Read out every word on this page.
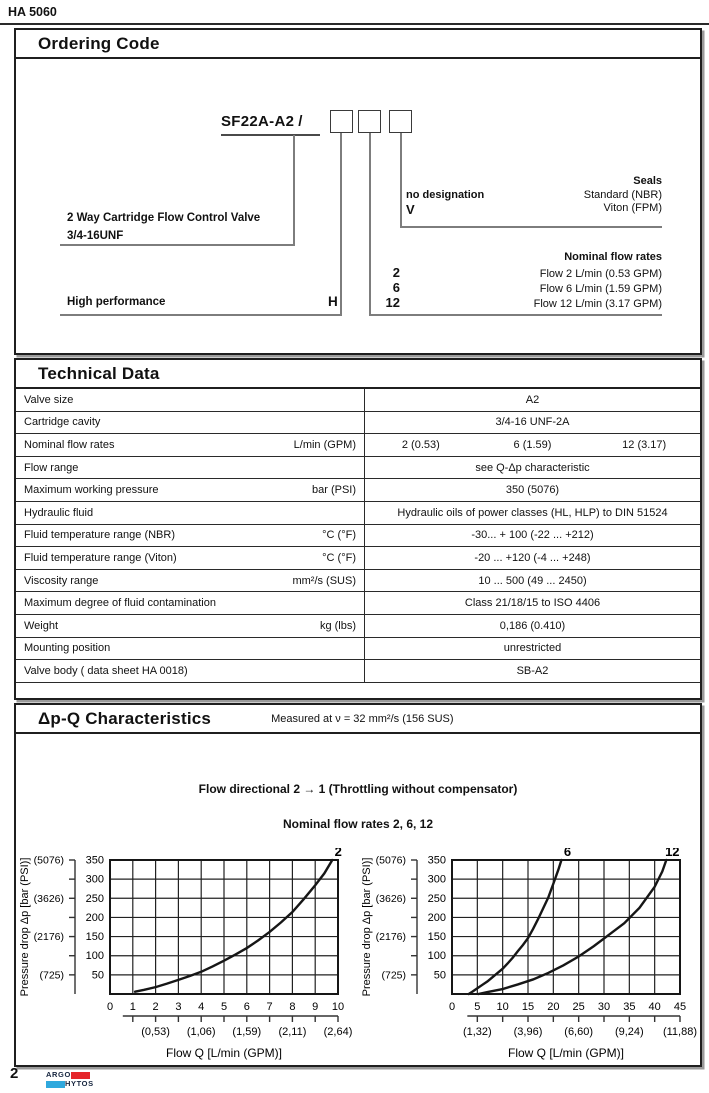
HA 5060
Ordering Code
SF22A-A2 /
Seals
no designation	Standard (NBR)
V	Viton (FPM)
2 Way Cartridge Flow Control Valve
3/4-16UNF
Nominal flow rates
2	Flow 2 L/min (0.53 GPM)
6	Flow 6 L/min (1.59 GPM)
12	Flow 12 L/min (3.17 GPM)
High performance	H
Technical Data
Valve size	A2
Cartridge cavity	3/4-16 UNF-2A
Nominal flow rates	L/min (GPM)	2 (0.53)	6 (1.59)	12 (3.17)
Flow range	see Q-Δp characteristic
Maximum working pressure	bar (PSI)	350 (5076)
Hydraulic fluid	Hydraulic oils of power classes (HL, HLP) to DIN 51524
Fluid temperature range (NBR)	°C (°F)	-30... + 100 (-22 ... +212)
Fluid temperature range (Viton)	°C (°F)	-20 ... +120 (-4 ... +248)
Viscosity range	mm²/s (SUS)	10 ... 500 (49 ... 2450)
Maximum degree of fluid contamination	Class 21/18/15 to ISO 4406
Weight	kg (lbs)	0,186 (0.410)
Mounting position	unrestricted
Valve body ( data sheet HA 0018)	SB-A2
Δp-Q Characteristics	Measured at ν = 32 mm²/s (156 SUS)
Flow directional 2 → 1 (Throttling without compensator)
Nominal flow rates 2, 6, 12
50
100
150
200
250
300
350
(5076)
(3626)
(2176)
(725)
0 1 2 3 4 5 6 7 8 9 10
(0,53) (1,06) (1,59) (2,11) (2,64)
Flow Q [L/min (GPM)]
Pressure drop Δp [bar (PSI)]
2
50
100
150
200
250
300
350
(5076)
(3626)
(2176)
(725)
0 5 10 15 20 25 30 35 40 45
(1,32) (3,96) (6,60) (9,24) (11,88)
Flow Q [L/min (GPM)]
Pressure drop Δp [bar (PSI)]
6	12
2	ARGO
HYTOS
